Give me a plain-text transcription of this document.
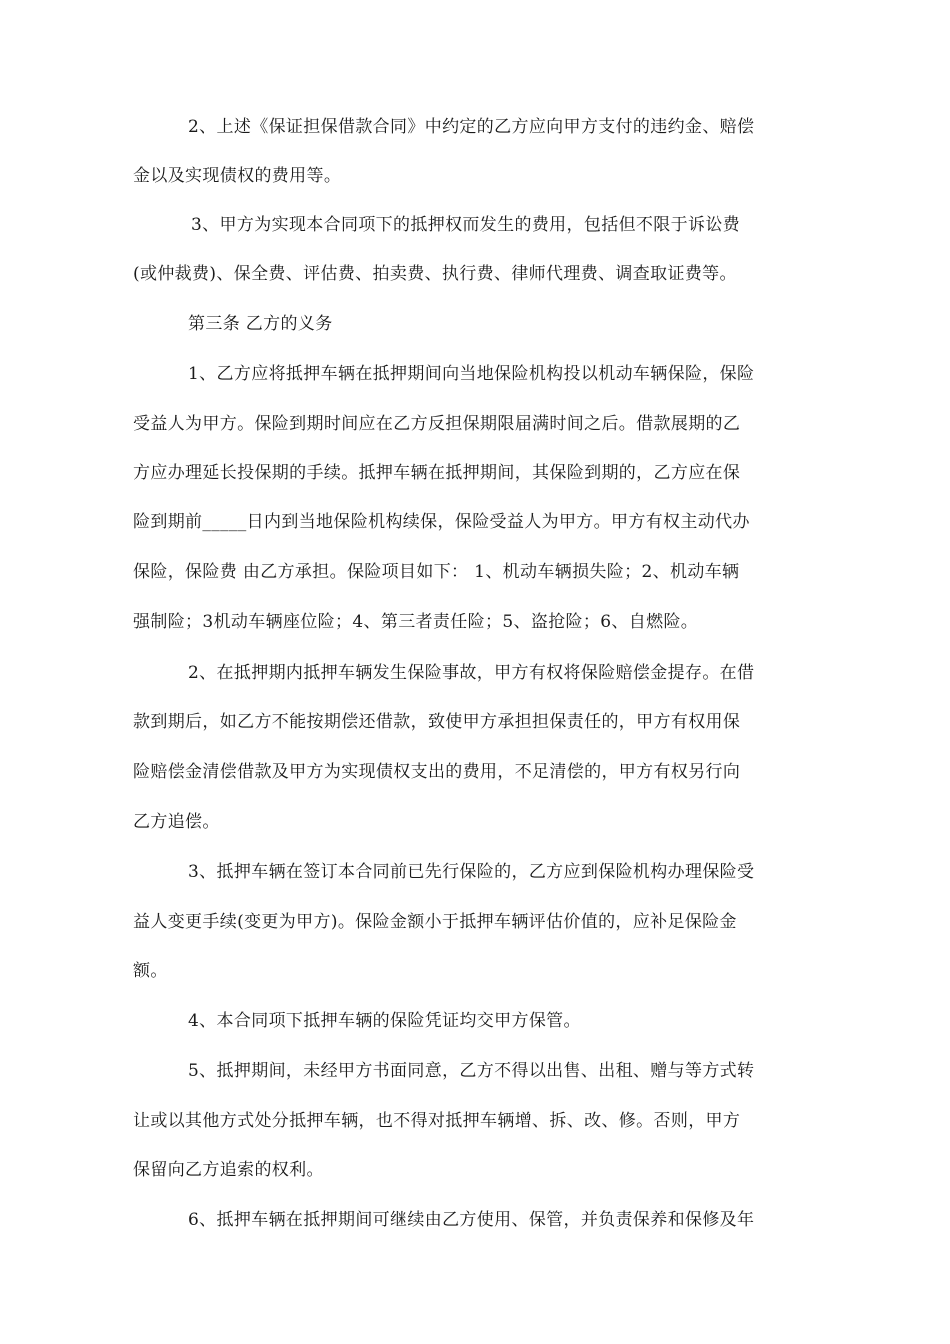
2、上述《保证担保借款合同》中约定的乙方应向甲方支付的违约金、赔偿
金以及实现债权的费用等。
3、甲方为实现本合同项下的抵押权而发生的费用，包括但不限于诉讼费
(或仲裁费)、保全费、评估费、拍卖费、执行费、律师代理费、调查取证费等。
第三条 乙方的义务
1、乙方应将抵押车辆在抵押期间向当地保险机构投以机动车辆保险，保险
受益人为甲方。保险到期时间应在乙方反担保期限届满时间之后。借款展期的乙
方应办理延长投保期的手续。抵押车辆在抵押期间，其保险到期的，乙方应在保
险到期前_____日内到当地保险机构续保，保险受益人为甲方。甲方有权主动代办
保险，保险费 由乙方承担。保险项目如下： 1、机动车辆损失险；2、机动车辆
强制险；3机动车辆座位险；4、第三者责任险；5、盗抢险；6、自燃险。
2、在抵押期内抵押车辆发生保险事故，甲方有权将保险赔偿金提存。在借
款到期后，如乙方不能按期偿还借款，致使甲方承担担保责任的，甲方有权用保
险赔偿金清偿借款及甲方为实现债权支出的费用，不足清偿的，甲方有权另行向
乙方追偿。
3、抵押车辆在签订本合同前已先行保险的，乙方应到保险机构办理保险受
益人变更手续(变更为甲方)。保险金额小于抵押车辆评估价值的，应补足保险金
额。
4、本合同项下抵押车辆的保险凭证均交甲方保管。
5、抵押期间，未经甲方书面同意，乙方不得以出售、出租、赠与等方式转
让或以其他方式处分抵押车辆，也不得对抵押车辆增、拆、改、修。否则，甲方
保留向乙方追索的权利。
6、抵押车辆在抵押期间可继续由乙方使用、保管，并负责保养和保修及年
